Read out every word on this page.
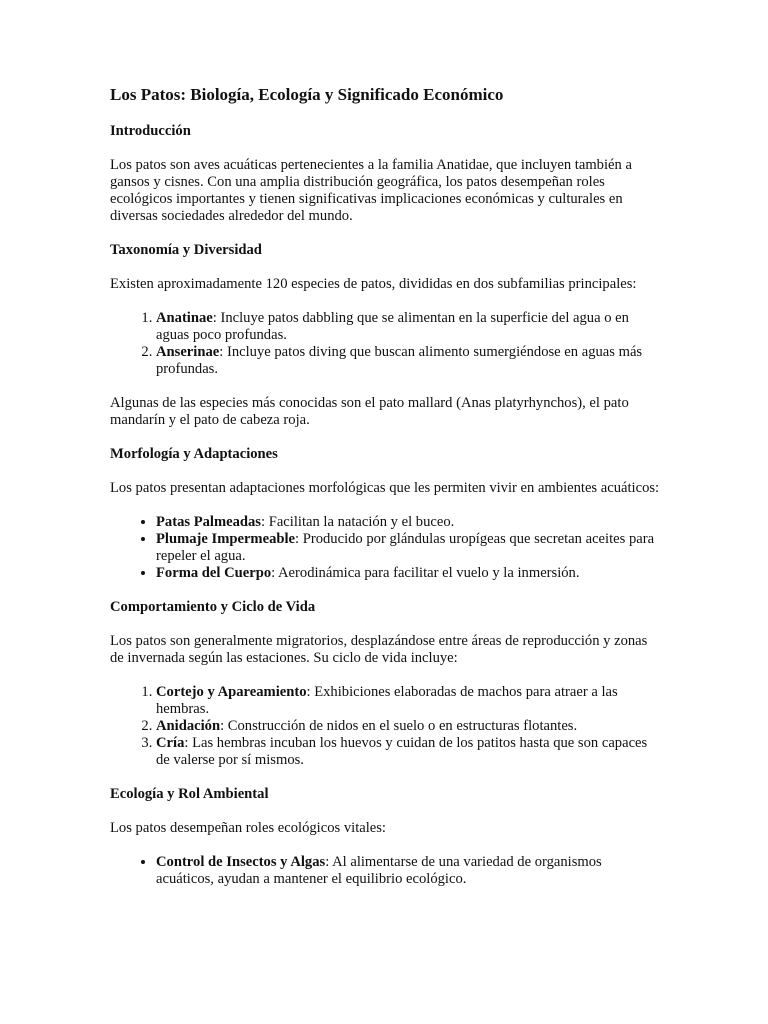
Los Patos: Biología, Ecología y Significado Económico
Introducción

Los patos son aves acuáticas pertenecientes a la familia Anatidae, que incluyen también a gansos y cisnes. Con una amplia distribución geográfica, los patos desempeñan roles ecológicos importantes y tienen significativas implicaciones económicas y culturales en diversas sociedades alrededor del mundo.

Taxonomía y Diversidad

Existen aproximadamente 120 especies de patos, divididas en dos subfamilias principales:

1. Anatinae: Incluye patos dabbling que se alimentan en la superficie del agua o en aguas poco profundas.
2. Anserinae: Incluye patos diving que buscan alimento sumergiéndose en aguas más profundas.

Algunas de las especies más conocidas son el pato mallard (Anas platyrhynchos), el pato mandarín y el pato de cabeza roja.

Morfología y Adaptaciones

Los patos presentan adaptaciones morfológicas que les permiten vivir en ambientes acuáticos:

• Patas Palmeadas: Facilitan la natación y el buceo.
• Plumaje Impermeable: Producido por glándulas uropígeas que secretan aceites para repeler el agua.
• Forma del Cuerpo: Aerodinámica para facilitar el vuelo y la inmersión.
Comportamiento y Ciclo de Vida

Los patos son generalmente migratorios, desplazándose entre áreas de reproducción y zonas de invernada según las estaciones. Su ciclo de vida incluye:

1. Cortejo y Apareamiento: Exhibiciones elaboradas de machos para atraer a las hembras.
2. Anidación: Construcción de nidos en el suelo o en estructuras flotantes.
3. Cría: Las hembras incuban los huevos y cuidan de los patitos hasta que son capaces de valerse por sí mismos.
Ecología y Rol Ambiental

Los patos desempeñan roles ecológicos vitales:

• Control de Insectos y Algas: Al alimentarse de una variedad de organismos acuáticos, ayudan a mantener el equilibrio ecológico.
